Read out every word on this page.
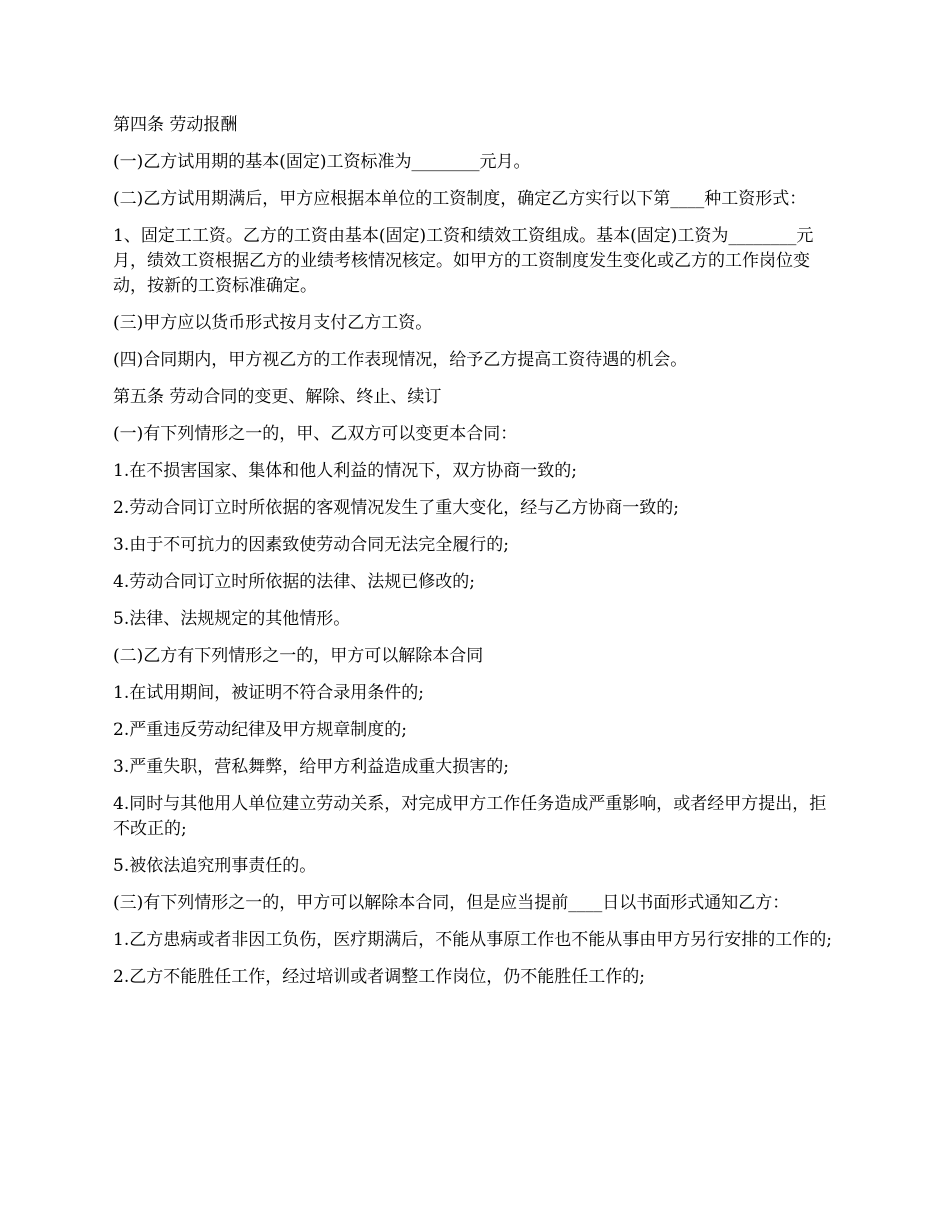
第四条 劳动报酬

(一)乙方试用期的基本(固定)工资标准为________元月。

(二)乙方试用期满后，甲方应根据本单位的工资制度，确定乙方实行以下第____种工资形式：

1、固定工工资。乙方的工资由基本(固定)工资和绩效工资组成。基本(固定)工资为________元月，绩效工资根据乙方的业绩考核情况核定。如甲方的工资制度发生变化或乙方的工作岗位变动，按新的工资标准确定。

(三)甲方应以货币形式按月支付乙方工资。

(四)合同期内，甲方视乙方的工作表现情况，给予乙方提高工资待遇的机会。

第五条 劳动合同的变更、解除、终止、续订

(一)有下列情形之一的，甲、乙双方可以变更本合同：

1.在不损害国家、集体和他人利益的情况下，双方协商一致的;

2.劳动合同订立时所依据的客观情况发生了重大变化，经与乙方协商一致的;

3.由于不可抗力的因素致使劳动合同无法完全履行的;

4.劳动合同订立时所依据的法律、法规已修改的;

5.法律、法规规定的其他情形。

(二)乙方有下列情形之一的，甲方可以解除本合同

1.在试用期间，被证明不符合录用条件的;

2.严重违反劳动纪律及甲方规章制度的;

3.严重失职，营私舞弊，给甲方利益造成重大损害的;

4.同时与其他用人单位建立劳动关系，对完成甲方工作任务造成严重影响，或者经甲方提出，拒不改正的;

5.被依法追究刑事责任的。

(三)有下列情形之一的，甲方可以解除本合同，但是应当提前____日以书面形式通知乙方：

1.乙方患病或者非因工负伤，医疗期满后，不能从事原工作也不能从事由甲方另行安排的工作的;

2.乙方不能胜任工作，经过培训或者调整工作岗位，仍不能胜任工作的;
